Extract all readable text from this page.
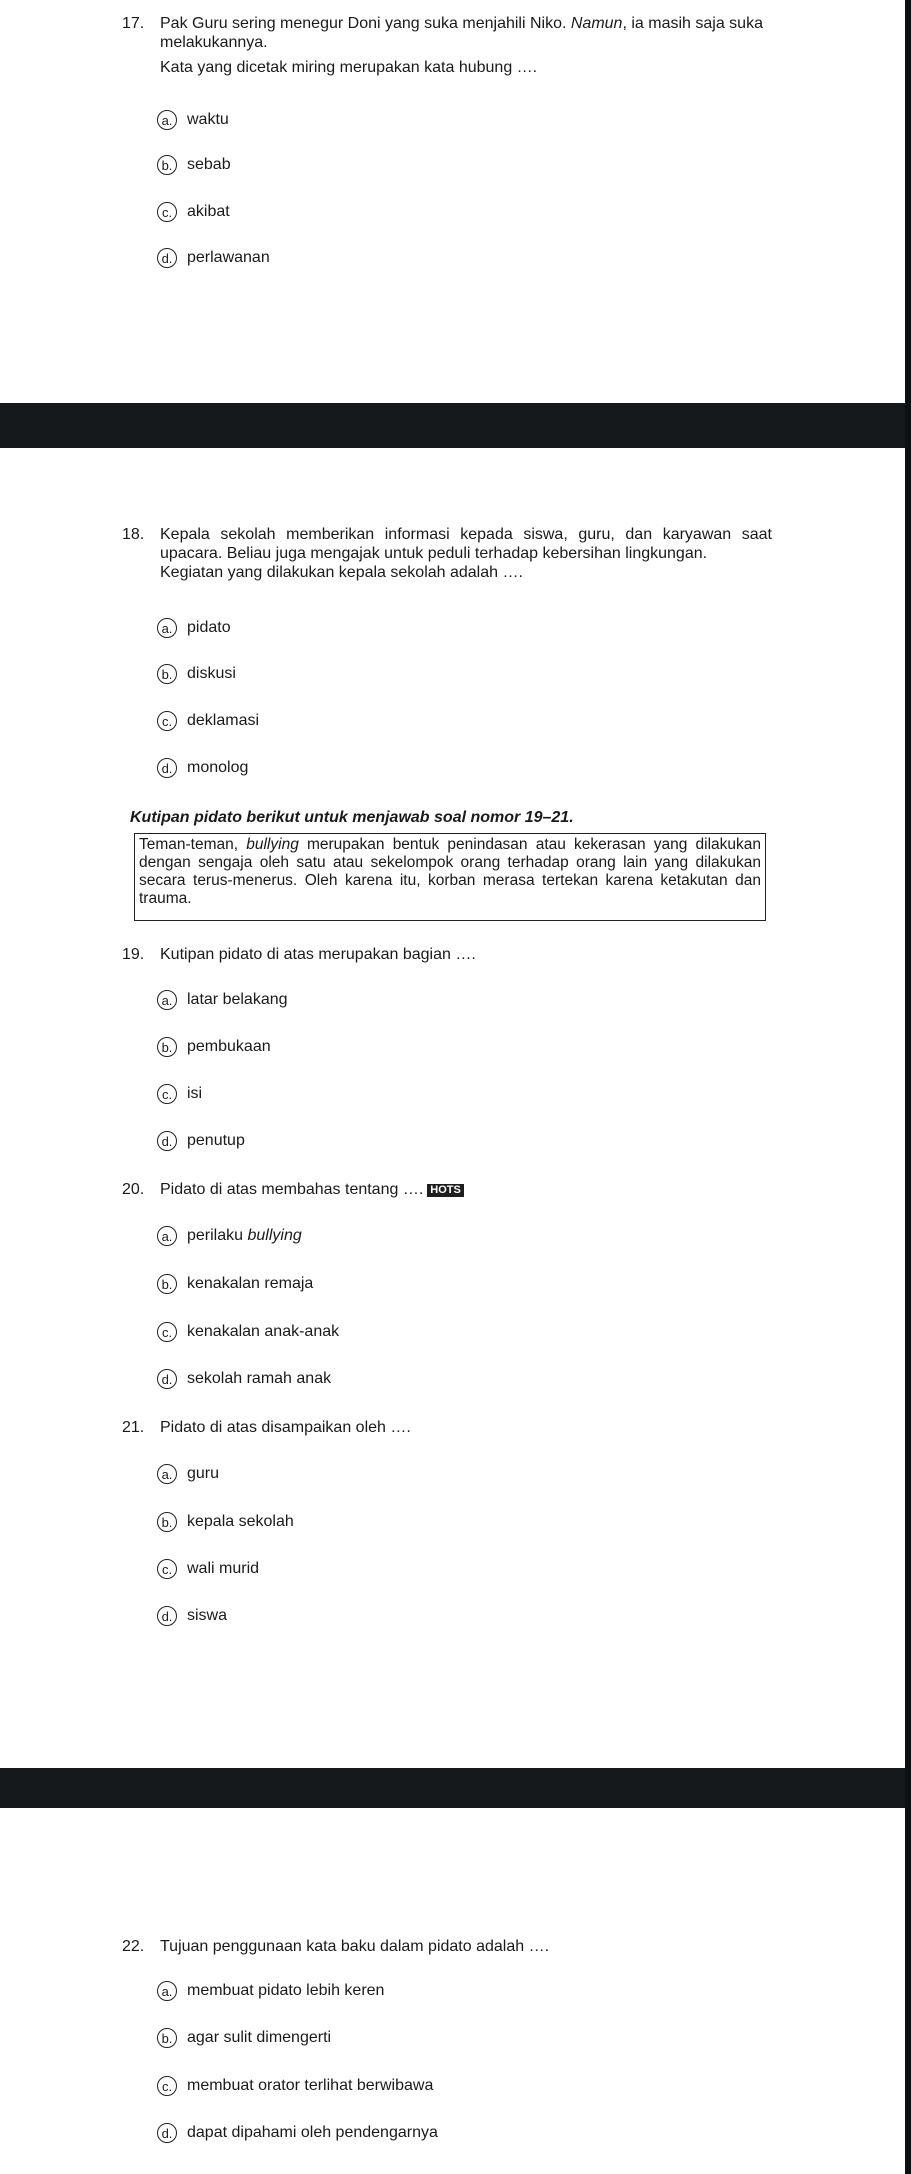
17. Pak Guru sering menegur Doni yang suka menjahili Niko. Namun, ia masih saja suka melakukannya.

Kata yang dicetak miring merupakan kata hubung ….

a. waktu
b. sebab
c. akibat
d. perlawanan
18. Kepala sekolah memberikan informasi kepada siswa, guru, dan karyawan saat upacara. Beliau juga mengajak untuk peduli terhadap kebersihan lingkungan.

Kegiatan yang dilakukan kepala sekolah adalah ….

a. pidato
b. diskusi
c. deklamasi
d. monolog
Kutipan pidato berikut untuk menjawab soal nomor 19–21.
Teman-teman, bullying merupakan bentuk penindasan atau kekerasan yang dilakukan dengan sengaja oleh satu atau sekelompok orang terhadap orang lain yang dilakukan secara terus-menerus. Oleh karena itu, korban merasa tertekan karena ketakutan dan trauma.
19. Kutipan pidato di atas merupakan bagian ….

a. latar belakang
b. pembukaan
c. isi
d. penutup
20. Pidato di atas membahas tentang …. HOTS

a. perilaku bullying
b. kenakalan remaja
c. kenakalan anak-anak
d. sekolah ramah anak
21. Pidato di atas disampaikan oleh ….

a. guru
b. kepala sekolah
c. wali murid
d. siswa
22. Tujuan penggunaan kata baku dalam pidato adalah ….

a. membuat pidato lebih keren
b. agar sulit dimengerti
c. membuat orator terlihat berwibawa
d. dapat dipahami oleh pendengarnya
